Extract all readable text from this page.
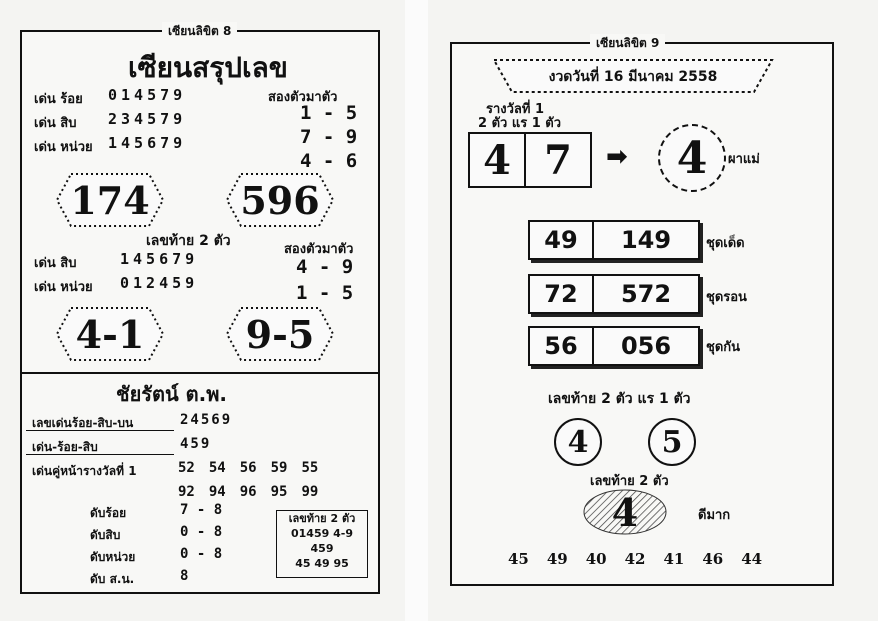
เซียนลิขิต 8
เซียนสรุปเลข
เด่น ร้อย 014579
เด่น สิบ 234579
เด่น หน่วย 145679
สองตัวมาตัว
1 - 5
7 - 9
4 - 6
174	596
เลขท้าย 2 ตัว
สองตัวมาตัว
เด่น สิบ	145679
เด่น หน่วย 012459
4 - 9
1 - 5
4-1	9-5
ชัยรัตน์ ต.พ.
เลขเด่นร้อย-สิบ-บน	24569
เด่น-ร้อย-สิบ	459
เด่นคู่หน้ารางวัลที่ 1	52 54 56 59 55
92 94 96 95 99
ดับร้อย	7 - 8
ดับสิบ	0 - 8
ดับหน่วย	0 - 8
ดับ ส.น.	8
เลขท้าย 2 ตัว
01459 4-9
459
45 49 95
เซียนลิขิต 9
งวดวันที่ 16 มีนาคม 2558
รางวัลที่ 1
2 ตัว แร 1 ตัว
4 7	➡	4	ผาแม่
49	149	ชุดเด็ด
72	572	ชุดรอน
56	056	ชุดกัน
เลขท้าย 2 ตัว แร 1 ตัว
4	5
เลขท้าย 2 ตัว
4	ดีมาก
45 49 40 42 41 46 44
